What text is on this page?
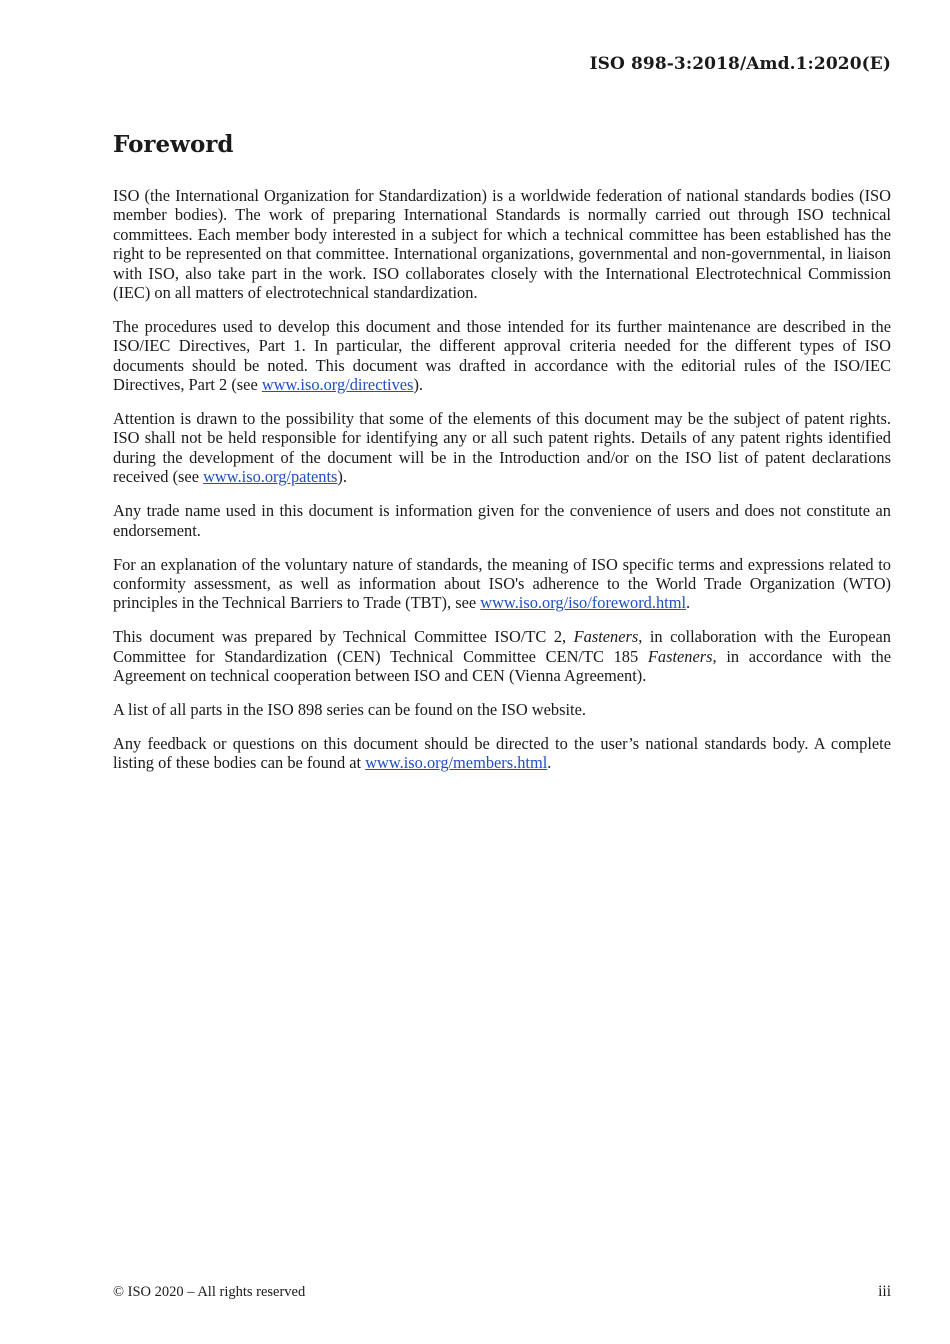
ISO 898-3:2018/Amd.1:2020(E)
Foreword

ISO (the International Organization for Standardization) is a worldwide federation of national standards bodies (ISO member bodies). The work of preparing International Standards is normally carried out through ISO technical committees. Each member body interested in a subject for which a technical committee has been established has the right to be represented on that committee. International organizations, governmental and non-governmental, in liaison with ISO, also take part in the work. ISO collaborates closely with the International Electrotechnical Commission (IEC) on all matters of electrotechnical standardization.

The procedures used to develop this document and those intended for its further maintenance are described in the ISO/IEC Directives, Part 1. In particular, the different approval criteria needed for the different types of ISO documents should be noted. This document was drafted in accordance with the editorial rules of the ISO/IEC Directives, Part 2 (see www.iso.org/directives).

Attention is drawn to the possibility that some of the elements of this document may be the subject of patent rights. ISO shall not be held responsible for identifying any or all such patent rights. Details of any patent rights identified during the development of the document will be in the Introduction and/or on the ISO list of patent declarations received (see www.iso.org/patents).

Any trade name used in this document is information given for the convenience of users and does not constitute an endorsement.

For an explanation of the voluntary nature of standards, the meaning of ISO specific terms and expressions related to conformity assessment, as well as information about ISO's adherence to the World Trade Organization (WTO) principles in the Technical Barriers to Trade (TBT), see www.iso.org/iso/foreword.html.

This document was prepared by Technical Committee ISO/TC 2, Fasteners, in collaboration with the European Committee for Standardization (CEN) Technical Committee CEN/TC 185 Fasteners, in accordance with the Agreement on technical cooperation between ISO and CEN (Vienna Agreement).

A list of all parts in the ISO 898 series can be found on the ISO website.

Any feedback or questions on this document should be directed to the user’s national standards body. A complete listing of these bodies can be found at www.iso.org/members.html.

© ISO 2020 – All rights reserved	iii
